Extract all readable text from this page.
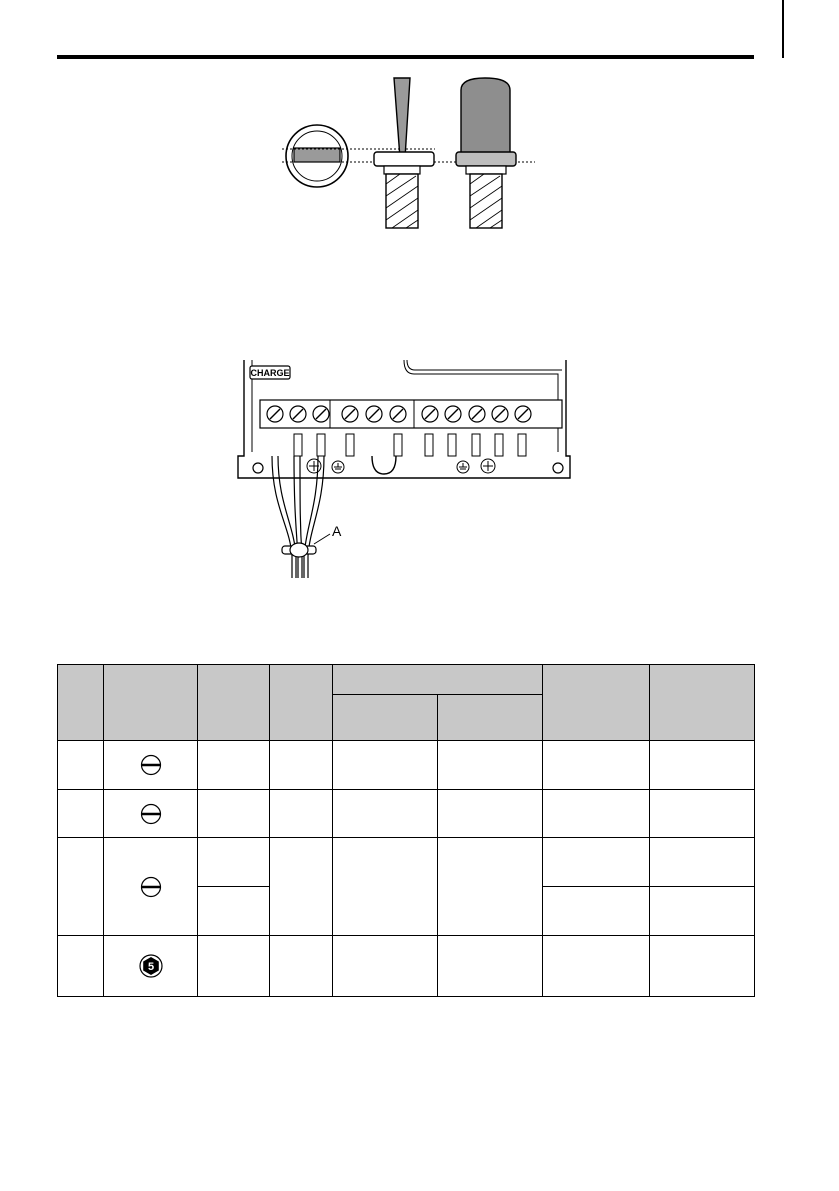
CHARGE
A

5						
